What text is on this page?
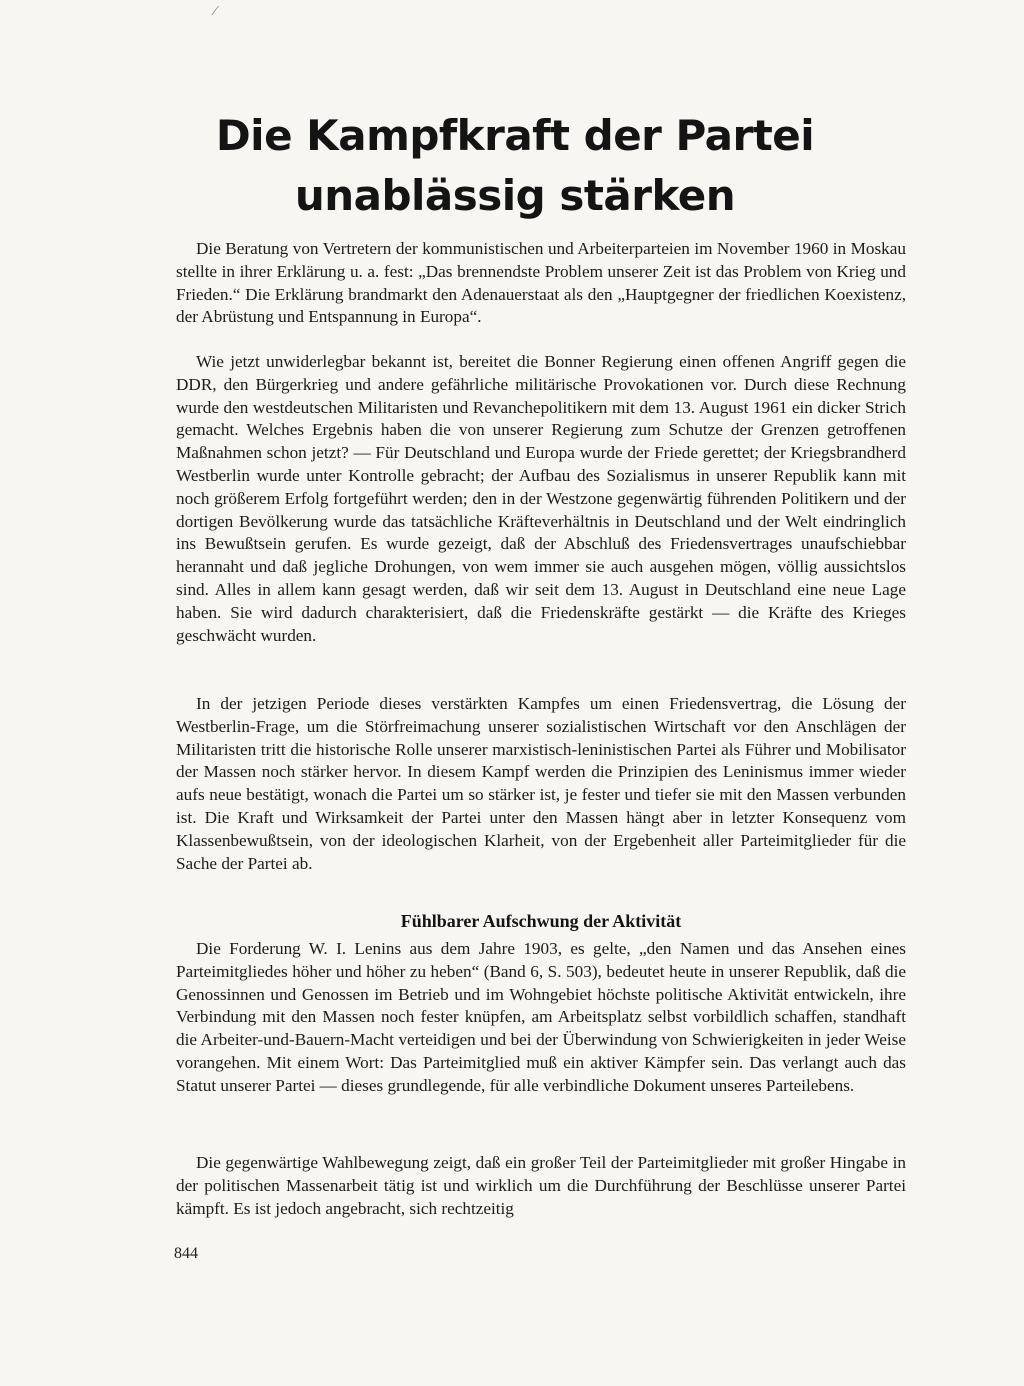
⁄
Die Kampfkraft der Partei
unablässig stärken

Die Beratung von Vertretern der kommunistischen und Arbeiterparteien im November 1960 in Moskau stellte in ihrer Erklärung u. a. fest: „Das brennendste Problem unserer Zeit ist das Problem von Krieg und Frieden.“ Die Erklärung brandmarkt den Adenauerstaat als den „Hauptgegner der friedlichen Koexistenz, der Abrüstung und Entspannung in Europa“.

Wie jetzt unwiderlegbar bekannt ist, bereitet die Bonner Regierung einen offenen Angriff gegen die DDR, den Bürgerkrieg und andere gefährliche militärische Provokationen vor. Durch diese Rechnung wurde den westdeutschen Militaristen und Revanchepolitikern mit dem 13. August 1961 ein dicker Strich gemacht. Welches Ergebnis haben die von unserer Regierung zum Schutze der Grenzen getroffenen Maßnahmen schon jetzt? — Für Deutschland und Europa wurde der Friede gerettet; der Kriegsbrandherd Westberlin wurde unter Kontrolle gebracht; der Aufbau des Sozialismus in unserer Republik kann mit noch größerem Erfolg fortgeführt werden; den in der Westzone gegenwärtig führenden Politikern und der dortigen Bevölkerung wurde das tatsächliche Kräfteverhältnis in Deutschland und der Welt eindringlich ins Bewußtsein gerufen. Es wurde gezeigt, daß der Abschluß des Friedensvertrages unaufschiebbar herannaht und daß jegliche Drohungen, von wem immer sie auch ausgehen mögen, völlig aussichtslos sind. Alles in allem kann gesagt werden, daß wir seit dem 13. August in Deutschland eine neue Lage haben. Sie wird dadurch charakterisiert, daß die Friedenskräfte gestärkt — die Kräfte des Krieges geschwächt wurden.

In der jetzigen Periode dieses verstärkten Kampfes um einen Friedensvertrag, die Lösung der Westberlin-Frage, um die Störfreimachung unserer sozialistischen Wirtschaft vor den Anschlägen der Militaristen tritt die historische Rolle unserer marxistisch-leninistischen Partei als Führer und Mobilisator der Massen noch stärker hervor. In diesem Kampf werden die Prinzipien des Leninismus immer wieder aufs neue bestätigt, wonach die Partei um so stärker ist, je fester und tiefer sie mit den Massen verbunden ist. Die Kraft und Wirksamkeit der Partei unter den Massen hängt aber in letzter Konsequenz vom Klassenbewußtsein, von der ideologischen Klarheit, von der Ergebenheit aller Parteimitglieder für die Sache der Partei ab.

Fühlbarer Aufschwung der Aktivität

Die Forderung W. I. Lenins aus dem Jahre 1903, es gelte, „den Namen und das Ansehen eines Parteimitgliedes höher und höher zu heben“ (Band 6, S. 503), bedeutet heute in unserer Republik, daß die Genossinnen und Genossen im Betrieb und im Wohngebiet höchste politische Aktivität entwickeln, ihre Verbindung mit den Massen noch fester knüpfen, am Arbeitsplatz selbst vorbildlich schaffen, standhaft die Arbeiter-und-Bauern-Macht verteidigen und bei der Überwindung von Schwierigkeiten in jeder Weise vorangehen. Mit einem Wort: Das Parteimitglied muß ein aktiver Kämpfer sein. Das verlangt auch das Statut unserer Partei — dieses grundlegende, für alle verbindliche Dokument unseres Parteilebens.

Die gegenwärtige Wahlbewegung zeigt, daß ein großer Teil der Parteimitglieder mit großer Hingabe in der politischen Massenarbeit tätig ist und wirklich um die Durchführung der Beschlüsse unserer Partei kämpft. Es ist jedoch angebracht, sich rechtzeitig

844
